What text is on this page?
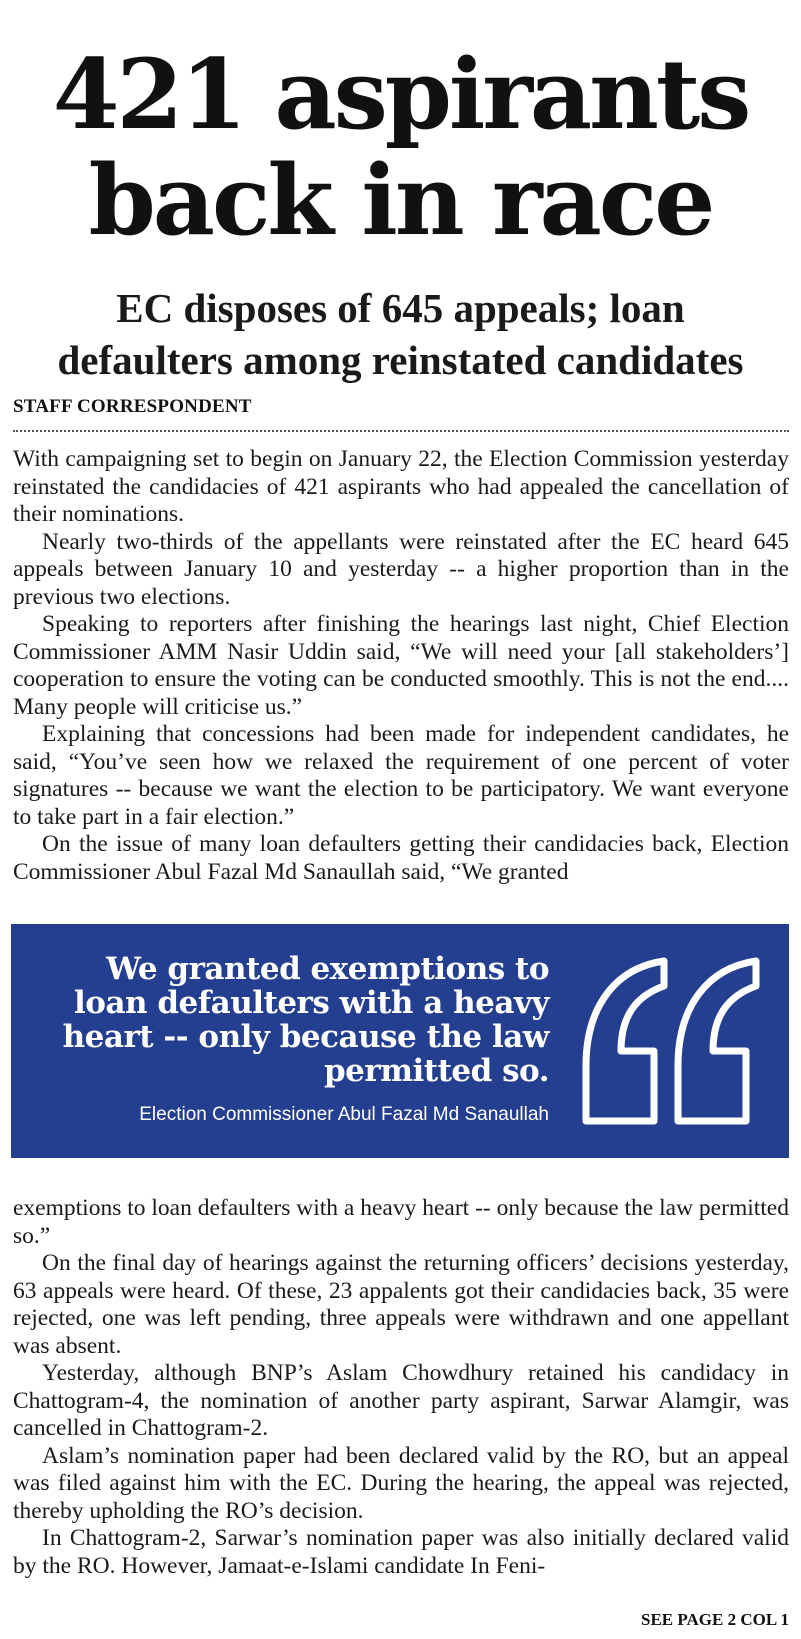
421 aspirants
back in race
EC disposes of 645 appeals; loan
defaulters among reinstated candidates
STAFF CORRESPONDENT

With campaigning set to begin on January 22, the Election Commission yesterday reinstated the candidacies of 421 aspirants who had appealed the cancellation of their nominations.

Nearly two-thirds of the appellants were reinstated after the EC heard 645 appeals between January 10 and yesterday -- a higher proportion than in the previous two elections.

Speaking to reporters after finishing the hearings last night, Chief Election Commissioner AMM Nasir Uddin said, “We will need your [all stakeholders’] cooperation to ensure the voting can be conducted smoothly. This is not the end.... Many people will criticise us.”

Explaining that concessions had been made for independent candidates, he said, “You’ve seen how we relaxed the requirement of one percent of voter signatures -- because we want the election to be participatory. We want everyone to take part in a fair election.”

On the issue of many loan defaulters getting their candidacies back, Election Commissioner Abul Fazal Md Sanaullah said, “We granted

We granted exemptions to loan defaulters with a heavy heart -- only because the law permitted so.
Election Commissioner Abul Fazal Md Sanaullah

exemptions to loan defaulters with a heavy heart -- only because the law permitted so.”

On the final day of hearings against the returning officers’ decisions yesterday, 63 appeals were heard. Of these, 23 appalents got their candidacies back, 35 were rejected, one was left pending, three appeals were withdrawn and one appellant was absent.

Yesterday, although BNP’s Aslam Chowdhury retained his candidacy in Chattogram-4, the nomination of another party aspirant, Sarwar Alamgir, was cancelled in Chattogram-2.

Aslam’s nomination paper had been declared valid by the RO, but an appeal was filed against him with the EC. During the hearing, the appeal was rejected, thereby upholding the RO’s decision.

In Chattogram-2, Sarwar’s nomination paper was also initially declared valid by the RO. However, Jamaat-e-Islami candidate In Feni-

SEE PAGE 2 COL 1
